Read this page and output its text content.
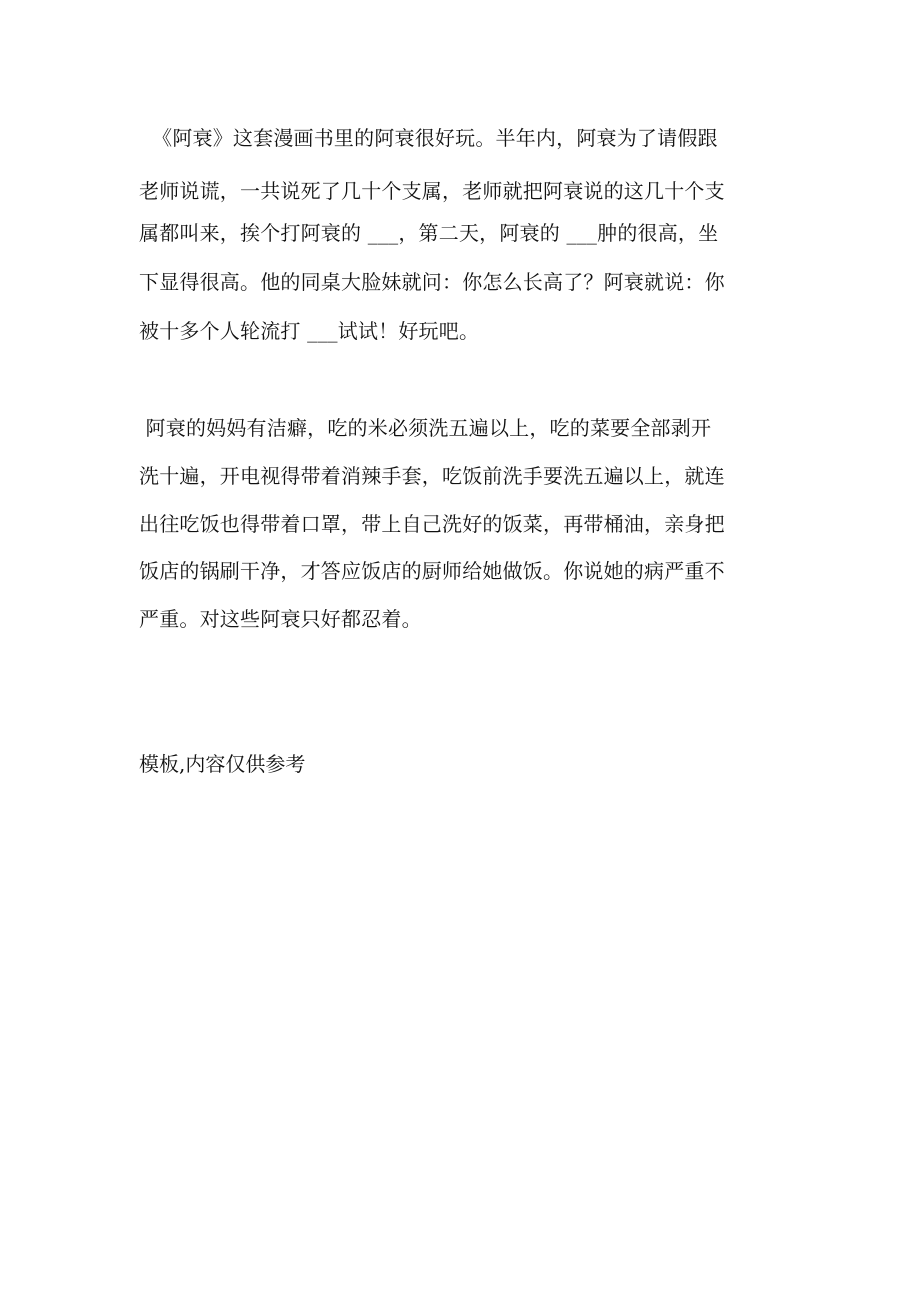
《阿衰》这套漫画书里的阿衰很好玩。半年内，阿衰为了请假跟
老师说谎，一共说死了几十个支属，老师就把阿衰说的这几十个支
属都叫来，挨个打阿衰的 ___，第二天，阿衰的 ___肿的很高，坐
下显得很高。他的同桌大脸妹就问：你怎么长高了？阿衰就说：你
被十多个人轮流打 ___试试！好玩吧。
阿衰的妈妈有洁癖，吃的米必须洗五遍以上，吃的菜要全部剥开
洗十遍，开电视得带着消辣手套，吃饭前洗手要洗五遍以上，就连
出往吃饭也得带着口罩，带上自己洗好的饭菜，再带桶油，亲身把
饭店的锅刷干净，才答应饭店的厨师给她做饭。你说她的病严重不
严重。对这些阿衰只好都忍着。
模板,内容仅供参考
